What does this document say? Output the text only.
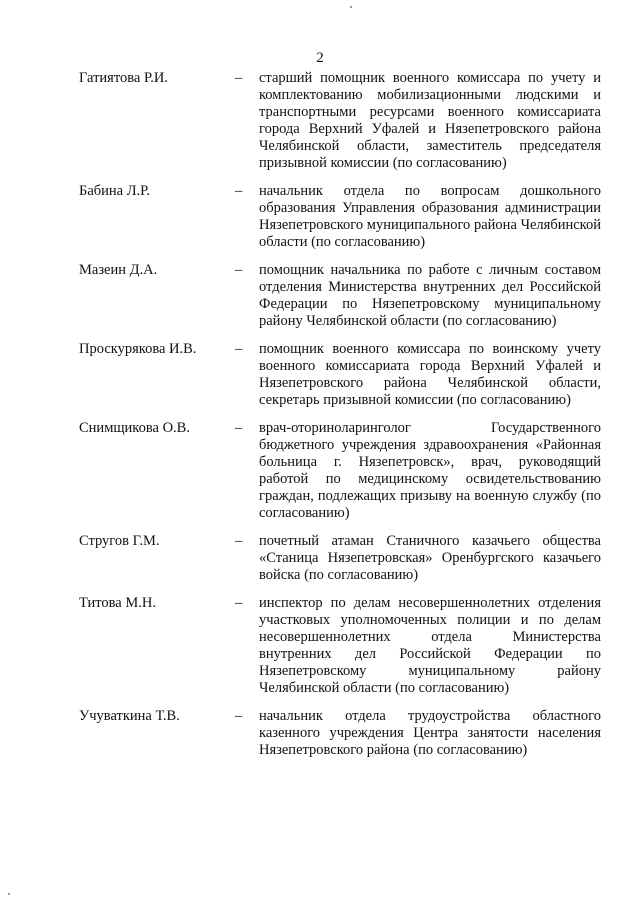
2
Гатиятова Р.И.	–	старший помощник военного комиссара по учету и комплектованию мобилизационными людскими и транспортными ресурсами военного комиссариата города Верхний Уфалей и Нязепетровского района Челябинской области, заместитель председателя призывной комиссии (по согласованию)
Бабина Л.Р.	–	начальник отдела по вопросам дошкольного образования Управления образования администрации Нязепетровского муниципального района Челябинской области (по согласованию)
Мазеин Д.А.	–	помощник начальника по работе с личным составом отделения Министерства внутренних дел Российской Федерации по Нязепетровскому муниципальному району Челябинской области (по согласованию)
Проскурякова И.В.	–	помощник военного комиссара по воинскому учету военного комиссариата города Верхний Уфалей и Нязепетровского района Челябинской области, секретарь призывной комиссии (по согласованию)
Снимщикова О.В.	–	врач-оториноларинголог Государственного бюджетного учреждения здравоохранения «Районная больница г. Нязепетровск», врач, руководящий работой по медицинскому освидетельствованию граждан, подлежащих призыву на военную службу (по согласованию)
Стругов Г.М.	–	почетный атаман Станичного казачьего общества «Станица Нязепетровская» Оренбургского казачьего войска (по согласованию)
Титова М.Н.	–	инспектор по делам несовершеннолетних отделения участковых уполномоченных полиции и по делам несовершеннолетних отдела Министерства внутренних дел Российской Федерации по Нязепетровскому муниципальному району Челябинской области (по согласованию)
Учуваткина Т.В.	–	начальник отдела трудоустройства областного казенного учреждения Центра занятости населения Нязепетровского района (по согласованию)
